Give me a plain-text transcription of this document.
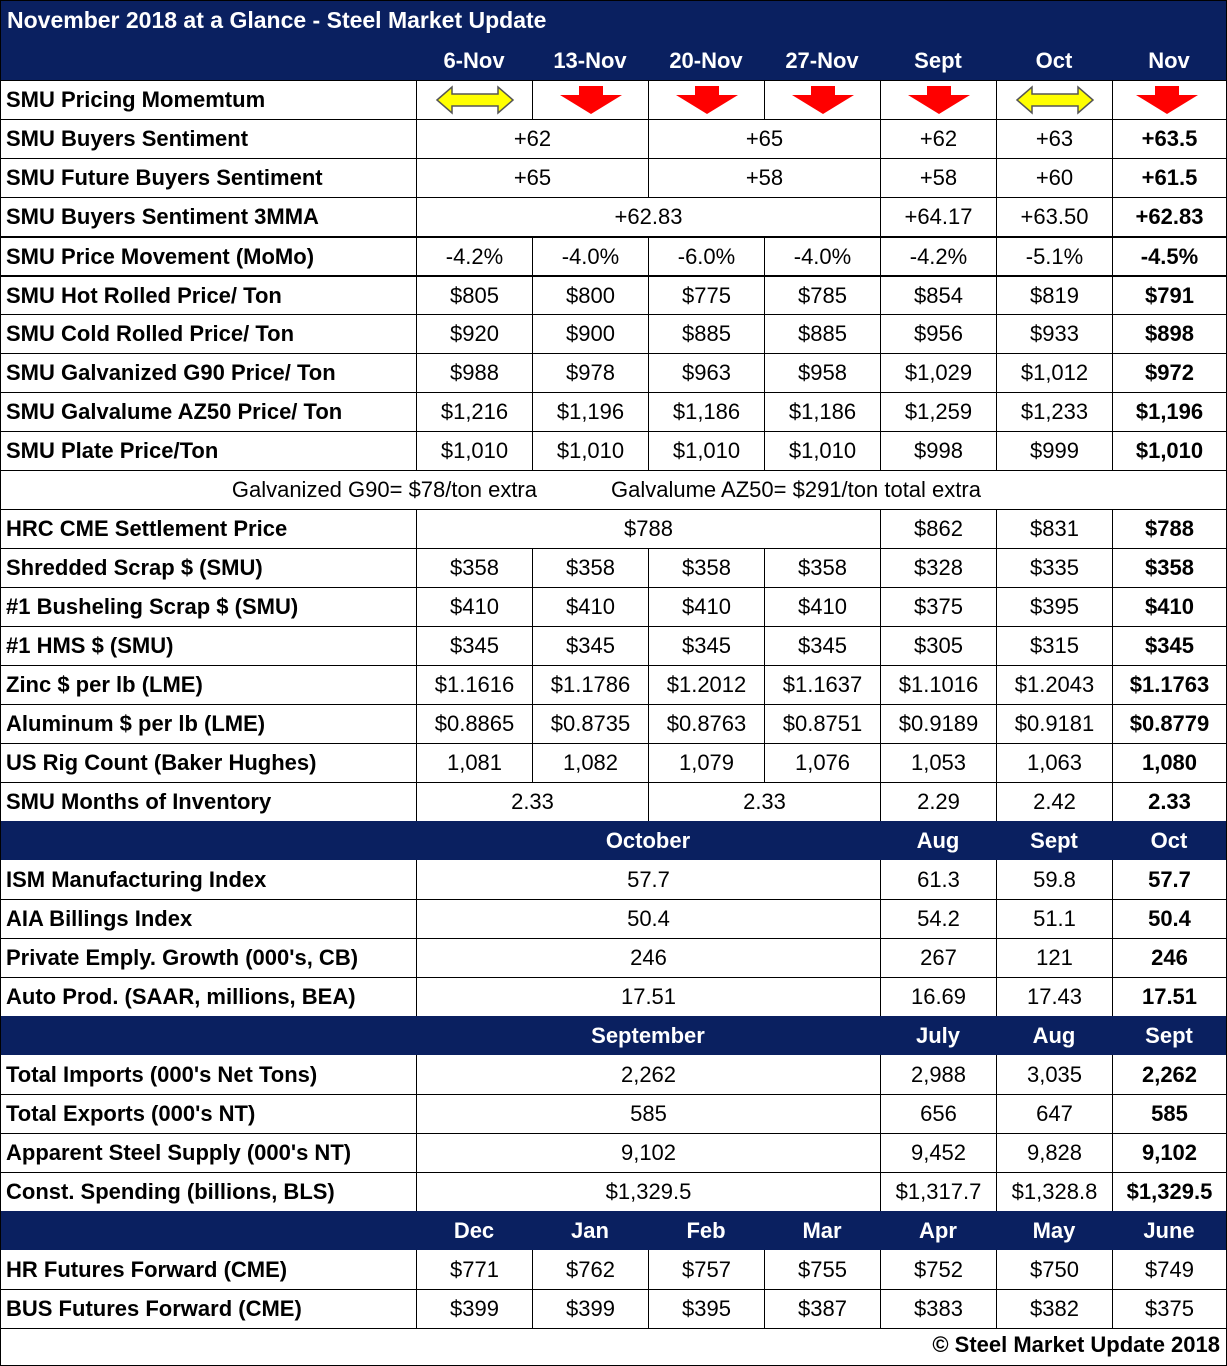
November 2018 at a Glance - Steel Market Update
6-Nov	13-Nov	20-Nov	27-Nov	Sept	Oct	Nov
SMU Pricing Momemtum
SMU Buyers Sentiment	+62	+65	+62	+63	+63.5
SMU Future Buyers Sentiment	+65	+58	+58	+60	+61.5
SMU Buyers Sentiment 3MMA	+62.83	+64.17	+63.50	+62.83
SMU Price Movement (MoMo)	-4.2%	-4.0%	-6.0%	-4.0%	-4.2%	-5.1%	-4.5%
SMU Hot Rolled Price/ Ton	$805	$800	$775	$785	$854	$819	$791
SMU Cold Rolled Price/ Ton	$920	$900	$885	$885	$956	$933	$898
SMU Galvanized G90 Price/ Ton	$988	$978	$963	$958	$1,029	$1,012	$972
SMU Galvalume AZ50 Price/ Ton	$1,216	$1,196	$1,186	$1,186	$1,259	$1,233	$1,196
SMU Plate Price/Ton	$1,010	$1,010	$1,010	$1,010	$998	$999	$1,010
Galvanized G90= $78/ton extra	Galvalume AZ50= $291/ton total extra
HRC CME Settlement Price	$788	$862	$831	$788
Shredded Scrap $ (SMU)	$358	$358	$358	$358	$328	$335	$358
#1 Busheling Scrap $ (SMU)	$410	$410	$410	$410	$375	$395	$410
#1 HMS $ (SMU)	$345	$345	$345	$345	$305	$315	$345
Zinc $ per lb (LME)	$1.1616	$1.1786	$1.2012	$1.1637	$1.1016	$1.2043	$1.1763
Aluminum $ per lb (LME)	$0.8865	$0.8735	$0.8763	$0.8751	$0.9189	$0.9181	$0.8779
US Rig Count (Baker Hughes)	1,081	1,082	1,079	1,076	1,053	1,063	1,080
SMU Months of Inventory	2.33	2.33	2.29	2.42	2.33
October	Aug	Sept	Oct
ISM Manufacturing Index	57.7	61.3	59.8	57.7
AIA Billings Index	50.4	54.2	51.1	50.4
Private Emply. Growth (000's, CB)	246	267	121	246
Auto Prod. (SAAR, millions, BEA)	17.51	16.69	17.43	17.51
September	July	Aug	Sept
Total Imports (000's Net Tons)	2,262	2,988	3,035	2,262
Total Exports (000's NT)	585	656	647	585
Apparent Steel Supply (000's NT)	9,102	9,452	9,828	9,102
Const. Spending (billions, BLS)	$1,329.5	$1,317.7	$1,328.8	$1,329.5
Dec	Jan	Feb	Mar	Apr	May	June
HR Futures Forward (CME)	$771	$762	$757	$755	$752	$750	$749
BUS Futures Forward (CME)	$399	$399	$395	$387	$383	$382	$375
© Steel Market Update 2018
